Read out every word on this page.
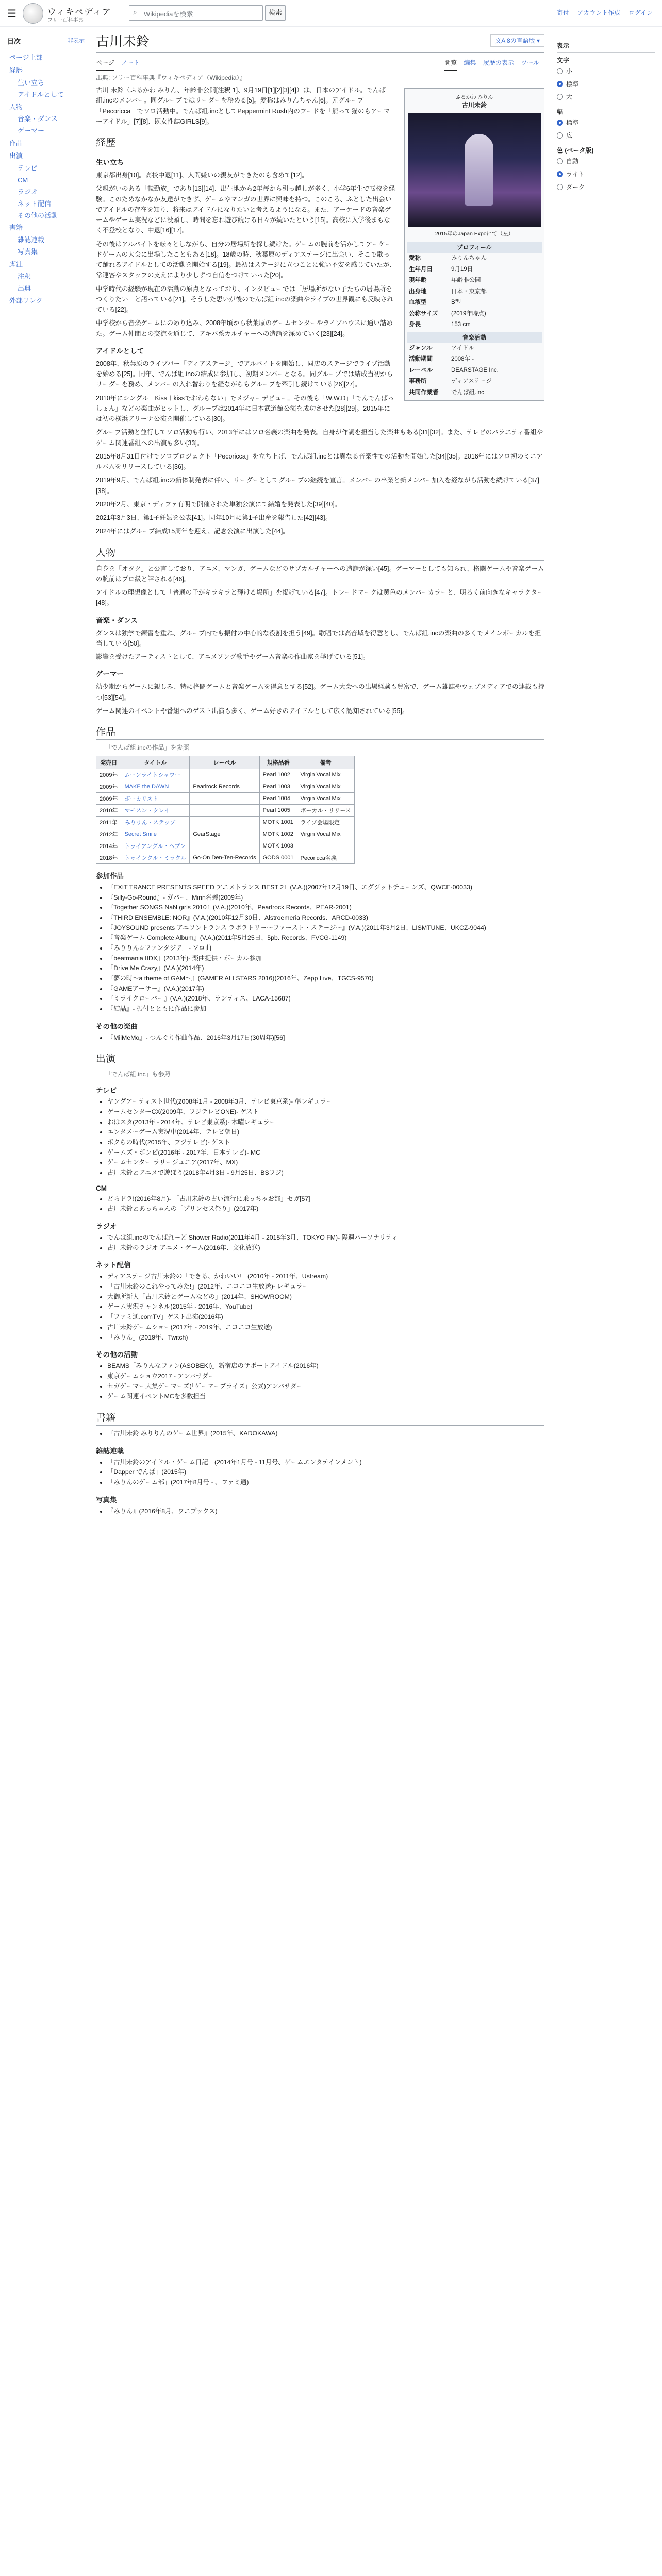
☰	ウィキペディア
フリー百科事典
⌕	Wikipediaを検索	検索	寄付 アカウント作成 ログイン
目次	非表示
ページ上部
経歴
生い立ち
アイドルとして
人物
音楽・ダンス
ゲーマー
作品
出演
テレビ
CM
ラジオ
ネット配信
その他の活動
書籍
雑誌連載
写真集
脚注
注釈
出典
外部リンク
古川未鈴	文A 8の言語版 ▾
ページ ノート	閲覧 編集 履歴の表示 ツール
出典: フリー百科事典『ウィキペディア（Wikipedia）』
ふるかわ みりん
古川未鈴
2015年のJapan Expoにて（左）
プロフィール
愛称	みりんちゃん
生年月日	9月19日
現年齢	年齢非公開
出身地	日本・東京都
血液型	B型
公称サイズ	(2019年時点)
身長	153 cm
音楽活動
ジャンル	アイドル
活動期間	2008年 -
レーベル	DEARSTAGE Inc.
事務所	ディアステージ
共同作業者	でんぱ組.inc

古川 未鈴（ふるかわ みりん、年齢非公開[注釈 1]、9月19日[1][2][3][4]）は、日本のアイドル。でんぱ組.incのメンバー。同グループではリーダーを務める[5]。愛称はみりんちゃん[6]。元グループ「Pecoricca」でソロ活動中。でんぱ組.incとしてPeppermint Rush内のフードを「熊って猫のもアーマーアイドル」[7][8]、既女性誌GIRLS[9]。

経歴
生い立ち

東京都出身[10]。高校中退[11]、人間嫌いの親友ができたのも含めて[12]。

父親がいのある「転勤族」であり[13][14]、出生地から2年毎から引っ越しが多く、小学6年生で転校を経験。このためなかなか友達ができず、ゲームやマンガの世界に興味を持つ。このころ、ふとした出会いでアイドルの存在を知り、将来はアイドルになりたいと考えるようになる。また、アーケードの音楽ゲームやゲーム実況などに没頭し、時間を忘れ遊び続ける日々が続いたという[15]。高校に入学後まもなく不登校となり、中退[16][17]。

その後はアルバイトを転々としながら、自分の居場所を探し続けた。ゲームの腕前を活かしてアーケードゲームの大会に出場したこともある[18]。18歳の時、秋葉原のディアステージに出会い、そこで歌って踊れるアイドルとしての活動を開始する[19]。最初はステージに立つことに強い不安を感じていたが、常連客やスタッフの支えにより少しずつ自信をつけていった[20]。

中学時代の経験が現在の活動の原点となっており、インタビューでは「居場所がない子たちの居場所をつくりたい」と語っている[21]。そうした思いが後のでんぱ組.incの楽曲やライブの世界観にも反映されている[22]。

中学校から音楽ゲームにのめり込み、2008年頃から秋葉原のゲームセンターやライブハウスに通い詰めた。ゲーム仲間との交流を通じて、アキバ系カルチャーへの造詣を深めていく[23][24]。

アイドルとして

2008年、秋葉原のライブバー「ディアステージ」でアルバイトを開始し、同店のステージでライブ活動を始める[25]。同年、でんぱ組.incの結成に参加し、初期メンバーとなる。同グループでは結成当初からリーダーを務め、メンバーの入れ替わりを経ながらもグループを牽引し続けている[26][27]。

2010年にシングル「Kiss＋kissでおわらない」でメジャーデビュー。その後も「W.W.D」「でんでんぱっしょん」などの楽曲がヒットし、グループは2014年に日本武道館公演を成功させた[28][29]。2015年には初の横浜アリーナ公演を開催している[30]。

グループ活動と並行してソロ活動も行い、2013年にはソロ名義の楽曲を発表。自身が作詞を担当した楽曲もある[31][32]。また、テレビのバラエティ番組やゲーム関連番組への出演も多い[33]。

2015年8月31日付けでソロプロジェクト「Pecoricca」を立ち上げ、でんぱ組.incとは異なる音楽性での活動を開始した[34][35]。2016年にはソロ初のミニアルバムをリリースしている[36]。

2019年9月、でんぱ組.incの新体制発表に伴い、リーダーとしてグループの継続を宣言。メンバーの卒業と新メンバー加入を経ながら活動を続けている[37][38]。

2020年2月、東京・ディファ有明で開催された単独公演にて結婚を発表した[39][40]。

2021年3月3日、第1子妊娠を公表[41]。同年10月に第1子出産を報告した[42][43]。

2024年にはグループ結成15周年を迎え、記念公演に出演した[44]。

人物

自身を「オタク」と公言しており、アニメ、マンガ、ゲームなどのサブカルチャーへの造詣が深い[45]。ゲーマーとしても知られ、格闘ゲームや音楽ゲームの腕前はプロ級と評される[46]。

アイドルの理想像として「普通の子がキラキラと輝ける場所」を掲げている[47]。トレードマークは黄色のメンバーカラーと、明るく前向きなキャラクター[48]。

音楽・ダンス

ダンスは独学で練習を重ね、グループ内でも振付の中心的な役割を担う[49]。歌唱では高音域を得意とし、でんぱ組.incの楽曲の多くでメインボーカルを担当している[50]。

影響を受けたアーティストとして、アニメソング歌手やゲーム音楽の作曲家を挙げている[51]。

ゲーマー

幼少期からゲームに親しみ、特に格闘ゲームと音楽ゲームを得意とする[52]。ゲーム大会への出場経験も豊富で、ゲーム雑誌やウェブメディアでの連載も持つ[53][54]。

ゲーム関連のイベントや番組へのゲスト出演も多く、ゲーム好きのアイドルとして広く認知されている[55]。

作品
「でんぱ組.incの作品」を参照
発売日	タイトル	レーベル	規格品番	備考
2009年	ムーンライトシャワー		Pearl 1002	Virgin Vocal Mix
2009年	MAKE the DAWN	Pearlrock Records	Pearl 1003	Virgin Vocal Mix
2009年	ボーカリスト		Pearl 1004	Virgin Vocal Mix
2010年	マモスン・クレイ		Pearl 1005	ボーカル・リリース
2011年	みりりん・ステップ		MOTK 1001	ライブ会場限定
2012年	Secret Smile	GearStage	MOTK 1002	Virgin Vocal Mix
2014年	トライアングル・ヘブン		MOTK 1003	
2018年	トゥインクル・ミラクル	Go-On Den-Ten-Records	GODS 0001	Pecoricca名義
参加作品
• 『EXIT TRANCE PRESENTS SPEED アニメトランス BEST 2』(V.A.)(2007年12月19日、エグジットチューンズ、QWCE-00033)
• 『Silly-Go-Round』- ガパー、Mirin名義(2009年)
• 『Together SONGS NaN girls 2010』(V.A.)(2010年、Pearlrock Records、PEAR-2001)
• 『THIRD ENSEMBLE: NOR』(V.A.)(2010年12月30日、Alstroemeria Records、ARCD-0033)
• 『JOYSOUND presents アニソントランス ラボラトリー〜ファースト・ステージ〜』(V.A.)(2011年3月2日、LISMTUNE、UKCZ-9044)
• 『音楽ゲーム Complete Album』(V.A.)(2011年5月25日、5pb. Records、FVCG-1149)
• 『みりりん☆ファンタジア』- ソロ曲
• 『beatmania IIDX』(2013年)- 楽曲提供・ボーカル参加
• 『Drive Me Crazy』(V.A.)(2014年)
• 『夢の時〜a theme of GAM〜』(GAMER ALLSTARS 2016)(2016年、Zepp Live、TGCS-9570)
• 『GAMEアーサー』(V.A.)(2017年)
• 『ミライクローバー』(V.A.)(2018年、ランティス、LACA-15687)
• 『結晶』- 振付とともに作品に参加
その他の楽曲
• 『MiiMeMo』- つんぐり作曲作品、2016年3月17日(30周年)[56]
出演
「でんぱ組.inc」も参照
テレビ
• ヤングアーティスト世代(2008年1月 - 2008年3月、テレビ東京系)- 準レギュラー
• ゲームセンターCX(2009年、フジテレビONE)- ゲスト
• おはスタ(2013年 - 2014年、テレビ東京系)- 木曜レギュラー
• エンタメ〜ゲーム実況中(2014年、テレビ朝日)
• ボクらの時代(2015年、フジテレビ)- ゲスト
• ゲームズ・ポンピ(2016年 - 2017年、日本テレビ)- MC
• ゲームセンター ラリージュニア(2017年、MX)
• 古川未鈴とアニメで遊ぼう(2018年4月3日 - 9月25日、BSフジ)
CM
• どらドラ!(2016年8月)- 「古川未鈴の古い流行に乗っちゃお部」セガ[57]
• 古川未鈴とあっちゃんの「プリンセス祭り」(2017年)
ラジオ
• でんぱ組.incのでんぱれーど Shower Radio(2011年4月 - 2015年3月、TOKYO FM)- 隔週パーソナリティ
• 古川未鈴のラジオ アニメ・ゲーム(2016年、文化放送)
ネット配信
• ディアステージ古川未鈴の「できる、かわいい!」(2010年 - 2011年、Ustream)
• 「古川未鈴のこれやってみた!」(2012年、ニコニコ生放送)- レギュラー
• 大御所新人「古川未鈴とゲームなどの」(2014年、SHOWROOM)
• ゲーム実況チャンネル(2015年 - 2016年、YouTube)
• 「ファミ通.comTV」ゲスト出演(2016年)
• 古川未鈴ゲームショー(2017年 - 2019年、ニコニコ生放送)
• 「みりん」(2019年、Twitch)
その他の活動
• BEAMS「みりんなファン(ASOBEKI)」新宿店のサポートアイドル(2016年)
• 東京ゲームショウ2017 - アンバサダー
• セガゲーマー大集ゲーマーズ(「ゲーマープライズ」公式)アンバサダー
• ゲーム関連イベントMCを多数担当
書籍
• 『古川未鈴 みりりんのゲーム世界』(2015年、KADOKAWA)
雑誌連載
• 「古川未鈴のアイドル・ゲーム日記」(2014年1月号 - 11月号、ゲームエンタテインメント)
• 「Dapper でんぱ」(2015年)
• 「みりんのゲーム部」(2017年8月号 - 、ファミ通)
写真集
• 『みりん』(2016年8月、ワニブックス)
表示
文字
小
標準
大
幅
標準
広
色 (ベータ版)
自動
ライト
ダーク
